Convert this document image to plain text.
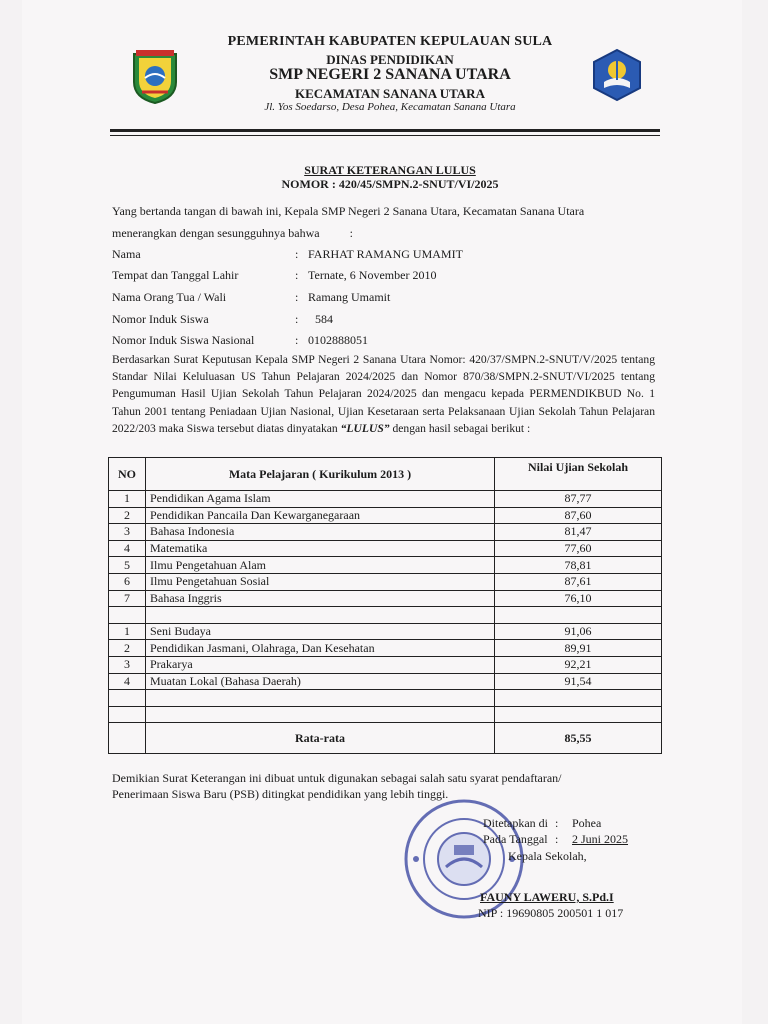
PEMERINTAH KABUPATEN KEPULAUAN SULA
DINAS PENDIDIKAN
SMP NEGERI 2 SANANA UTARA
KECAMATAN SANANA UTARA
Jl. Yos Soedarso, Desa Pohea, Kecamatan Sanana Utara
SURAT KETERANGAN LULUS
NOMOR : 420/45/SMPN.2-SNUT/VI/2025
Yang bertanda tangan di bawah ini, Kepala SMP Negeri 2 Sanana Utara, Kecamatan Sanana Utara
menerangkan dengan sesungguhnya bahwa          :
Nama	: FARHAT RAMANG UMAMIT
Tempat dan Tanggal Lahir	: Ternate, 6 November 2010
Nama Orang Tua / Wali	: Ramang Umamit
Nomor Induk Siswa	: 584
Nomor Induk Siswa Nasional	: 0102888051
Berdasarkan Surat Keputusan Kepala SMP Negeri 2 Sanana Utara Nomor: 420/37/SMPN.2-SNUT/V/2025 tentang Standar Nilai Keluluasan US Tahun Pelajaran 2024/2025 dan Nomor 870/38/SMPN.2-SNUT/VI/2025 tentang Pengumuman Hasil Ujian Sekolah Tahun Pelajaran 2024/2025 dan mengacu kepada PERMENDIKBUD No. 1 Tahun 2001 tentang Peniadaan Ujian Nasional, Ujian Kesetaraan serta Pelaksanaan Ujian Sekolah Tahun Pelajaran 2022/203 maka Siswa tersebut diatas dinyatakan “LULUS” dengan hasil sebagai berikut :
NO	Mata Pelajaran ( Kurikulum 2013 )	Nilai Ujian Sekolah
1	Pendidikan Agama Islam	87,77
2	Pendidikan Pancaila Dan Kewarganegaraan	87,60
3	Bahasa Indonesia	81,47
4	Matematika	77,60
5	Ilmu Pengetahuan Alam	78,81
6	Ilmu Pengetahuan Sosial	87,61
7	Bahasa Inggris	76,10

1	Seni Budaya	91,06
2	Pendidikan Jasmani, Olahraga, Dan Kesehatan	89,91
3	Prakarya	92,21
4	Muatan Lokal (Bahasa Daerah)	91,54

	Rata-rata	85,55
Demikian Surat Keterangan ini dibuat untuk digunakan sebagai salah satu syarat pendaftaran/
Penerimaan Siswa Baru (PSB) ditingkat pendidikan yang lebih tinggi.
Ditetapkan di : Pohea
Pada Tanggal : 2 Juni 2025
Kepala Sekolah,
FAUNY LAWERU, S.Pd.I
NIP : 19690805 200501 1 017
